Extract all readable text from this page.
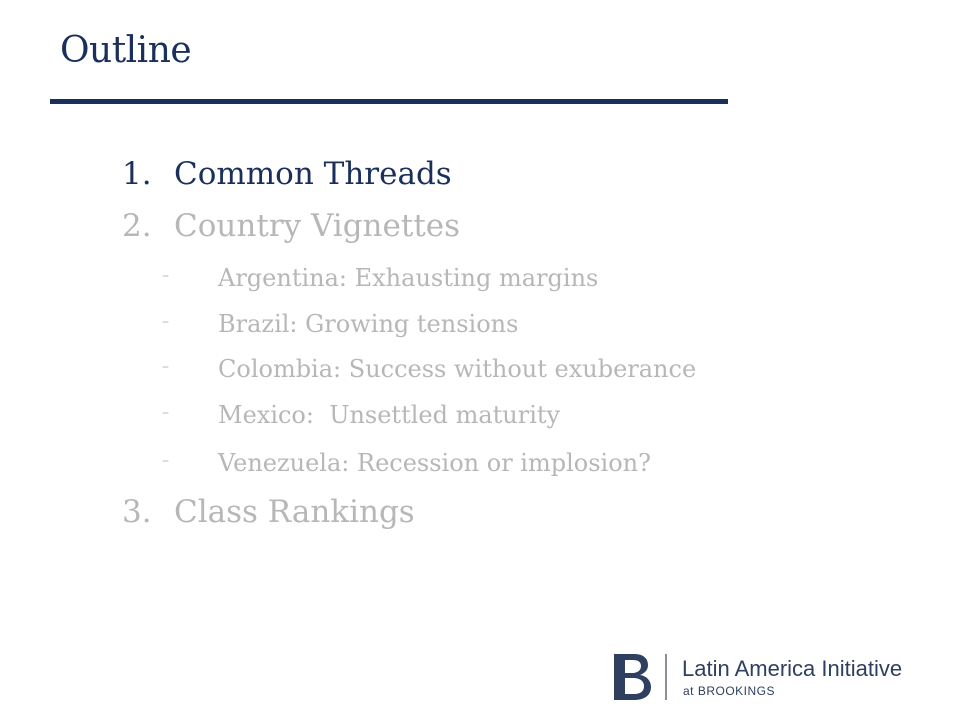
Outline
1. Common Threads
2. Country Vignettes
– Argentina: Exhausting margins
– Brazil: Growing tensions
– Colombia: Success without exuberance
– Mexico:  Unsettled maturity
– Venezuela: Recession or implosion?
3. Class Rankings
Latin America Initiative
at BROOKINGS
